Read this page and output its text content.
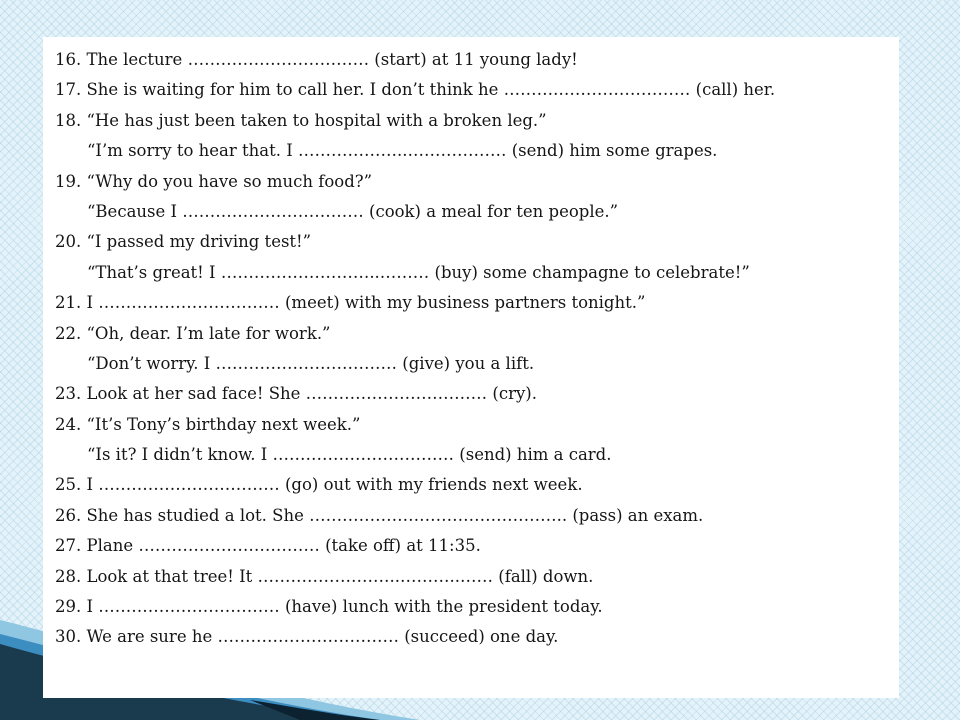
16. The lecture …………………………… (start) at 11 young lady!
17. She is waiting for him to call her. I don’t think he ……….…………………… (call) her.
18. “He has just been taken to hospital with a broken leg.”
“I’m sorry to hear that. I ………………..……………… (send) him some grapes.
19. “Why do you have so much food?”
“Because I …………………………… (cook) a meal for ten people.”
20. “I passed my driving test!”
“That’s great! I ………………………..……… (buy) some champagne to celebrate!”
21. I …………………………… (meet) with my business partners tonight.”
22. “Oh, dear. I’m late for work.”
“Don’t worry. I …………………………… (give) you a lift.
23. Look at her sad face! She …………………………… (cry).
24. “It’s Tony’s birthday next week.”
“Is it? I didn’t know. I …………………………… (send) him a card.
25. I …………………………… (go) out with my friends next week.
26. She has studied a lot. She ……………………………………….. (pass) an exam.
27. Plane …………………………… (take off) at 11:35.
28. Look at that tree! It ……………………..………..…… (fall) down.
29. I …………………………… (have) lunch with the president today.
30. We are sure he …………………………… (succeed) one day.
